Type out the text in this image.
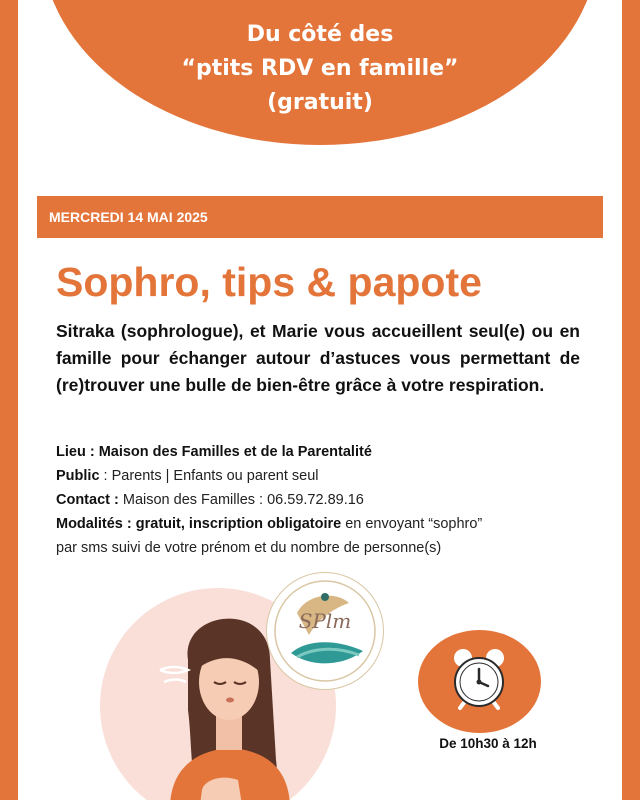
Du côté des
“ptits RDV en famille”
(gratuit)
MERCREDI 14 MAI 2025
Sophro, tips & papote
Sitraka (sophrologue), et Marie vous accueillent seul(e) ou en famille pour échanger autour d’astuces vous permettant de (re)trouver une bulle de bien-être grâce à votre respiration.
Lieu : Maison des Familles et de la Parentalité
Public : Parents | Enfants ou parent seul
Contact : Maison des Familles : 06.59.72.89.16
Modalités : gratuit, inscription obligatoire en envoyant “sophro”
par sms suivi de votre prénom et du nombre de personne(s)
SPlm
De 10h30 à 12h
